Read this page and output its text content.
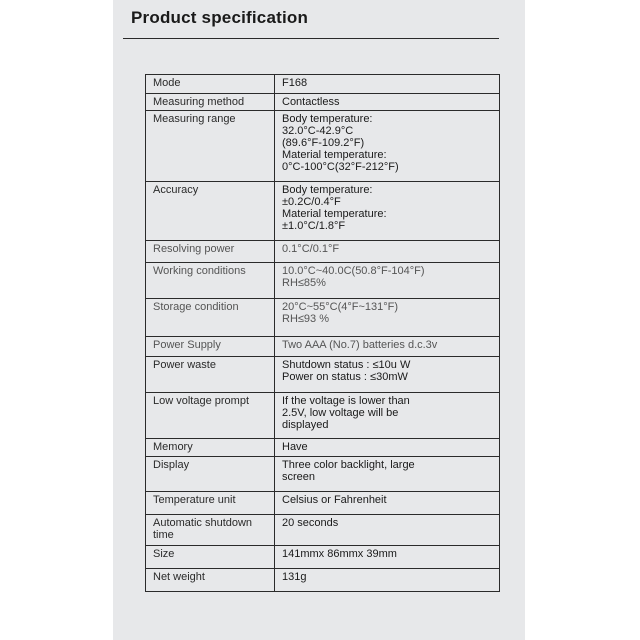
Product specification
Mode	F168

Measuring method	Contactless

Measuring range	Body temperature:
32.0°C-42.9°C
(89.6°F-109.2°F)
Material temperature:
0°C-100°C(32°F-212°F)

Accuracy	Body temperature:
±0.2C/0.4°F
Material temperature:
±1.0°C/1.8°F

Resolving power	0.1°C/0.1°F

Working conditions	10.0°C~40.0C(50.8°F-104°F)
RH≤85%

Storage condition	20°C~55°C(4°F~131°F)
RH≤93 %

Power Supply	Two AAA (No.7) batteries d.c.3v

Power waste	Shutdown status : ≤10u W
Power on status : ≤30mW

Low voltage prompt	If the voltage is lower than
2.5V, low voltage will be
displayed

Memory	Have

Display	Three color backlight, large
screen

Temperature unit	Celsius or Fahrenheit

Automatic shutdown time	20 seconds

Size	141mmx 86mmx 39mm

Net weight	131g
